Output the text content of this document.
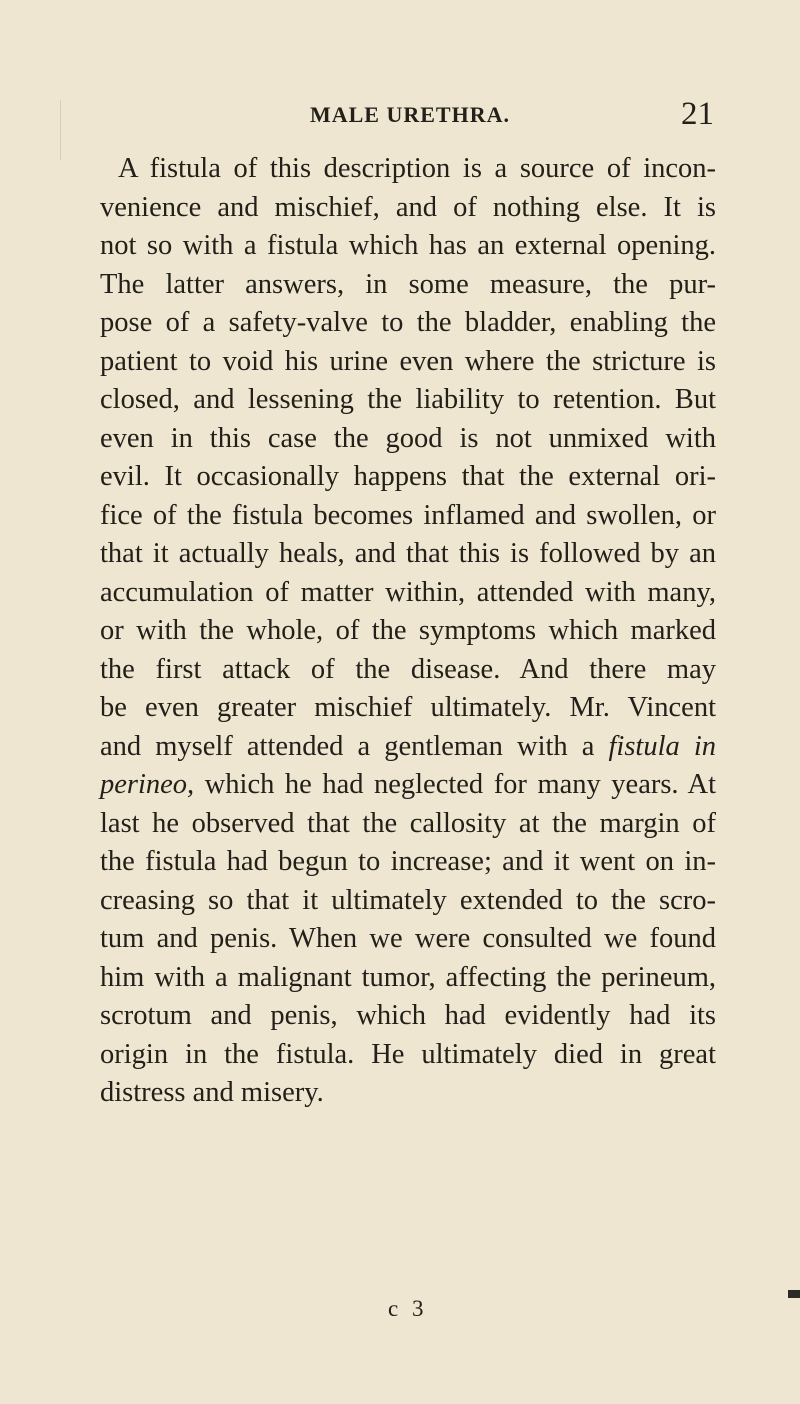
MALE URETHRA.	21
A fistula of this description is a source of incon-
venience and mischief, and of nothing else. It is
not so with a fistula which has an external opening.
The latter answers, in some measure, the pur-
pose of a safety-valve to the bladder, enabling the
patient to void his urine even where the stricture is
closed, and lessening the liability to retention. But
even in this case the good is not unmixed with
evil. It occasionally happens that the external ori-
fice of the fistula becomes inflamed and swollen, or
that it actually heals, and that this is followed by an
accumulation of matter within, attended with many,
or with the whole, of the symptoms which marked
the first attack of the disease. And there may
be even greater mischief ultimately. Mr. Vincent
and myself attended a gentleman with a fistula in
perineo, which he had neglected for many years. At
last he observed that the callosity at the margin of
the fistula had begun to increase; and it went on in-
creasing so that it ultimately extended to the scro-
tum and penis. When we were consulted we found
him with a malignant tumor, affecting the perineum,
scrotum and penis, which had evidently had its
origin in the fistula. He ultimately died in great
distress and misery.
c 3
